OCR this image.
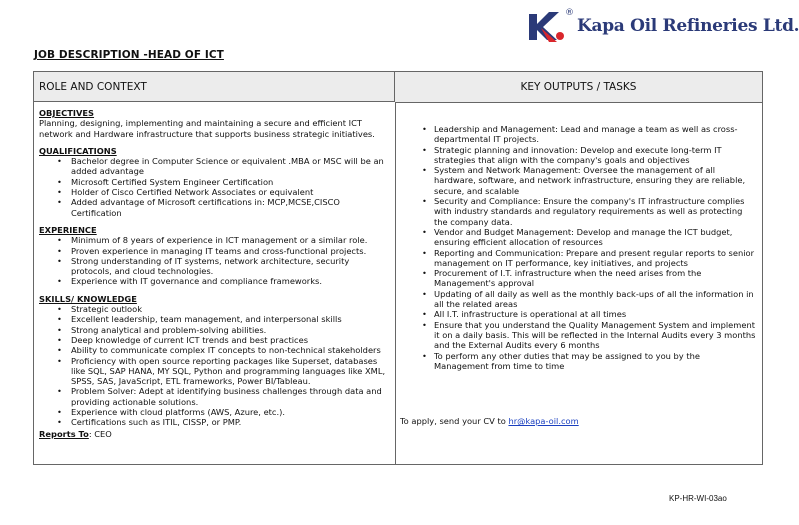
®
Kapa Oil Refineries Ltd.
JOB DESCRIPTION -HEAD OF ICT
ROLE AND CONTEXT	KEY OUTPUTS / TASKS
OBJECTIVES

Planning, designing, implementing and maintaining a secure and efficient ICT network and Hardware infrastructure that supports business strategic initiatives.

QUALIFICATIONS
• Bachelor degree in Computer Science or equivalent .MBA or MSC will be an added advantage
• Microsoft Certified System Engineer Certification
• Holder of Cisco Certified Network Associates or equivalent
• Added advantage of Microsoft certifications in: MCP,MCSE,CISCO Certification
EXPERIENCE
• Minimum of 8 years of experience in ICT management or a similar role.
• Proven experience in managing IT teams and cross-functional projects.
• Strong understanding of IT systems, network architecture, security protocols, and cloud technologies.
• Experience with IT governance and compliance frameworks.
SKILLS/ KNOWLEDGE
• Strategic outlook
• Excellent leadership, team management, and interpersonal skills
• Strong analytical and problem-solving abilities.
• Deep knowledge of current ICT trends and best practices
• Ability to communicate complex IT concepts to non-technical stakeholders
• Proficiency with open source reporting packages like Superset, databases like SQL, SAP HANA, MY SQL, Python and programming languages like XML, SPSS, SAS, JavaScript, ETL frameworks, Power BI/Tableau.
• Problem Solver: Adept at identifying business challenges through data and providing actionable solutions.
• Experience with cloud platforms (AWS, Azure, etc.).
• Certifications such as ITIL, CISSP, or PMP.
Reports To: CEO
• Leadership and Management: Lead and manage a team as well as cross-departmental IT projects.
• Strategic planning and innovation: Develop and execute long-term IT strategies that align with the company's goals and objectives
• System and Network Management: Oversee the management of all hardware, software, and network infrastructure, ensuring they are reliable, secure, and scalable
• Security and Compliance: Ensure the company's IT infrastructure complies with industry standards and regulatory requirements as well as protecting the company data.
• Vendor and Budget Management: Develop and manage the ICT budget, ensuring efficient allocation of resources
• Reporting and Communication: Prepare and present regular reports to senior management on IT performance, key initiatives, and projects
• Procurement of I.T. infrastructure when the need arises from the Management's approval
• Updating of all daily as well as the monthly back-ups of all the information in all the related areas
• All I.T. infrastructure is operational at all times
• Ensure that you understand the Quality Management System and implement it on a daily basis. This will be reflected in the Internal Audits every 3 months and the External Audits every 6 months
• To perform any other duties that may be assigned to you by the Management from time to time
To apply, send your CV to hr@kapa-oil.com
KP-HR-WI-03ao
